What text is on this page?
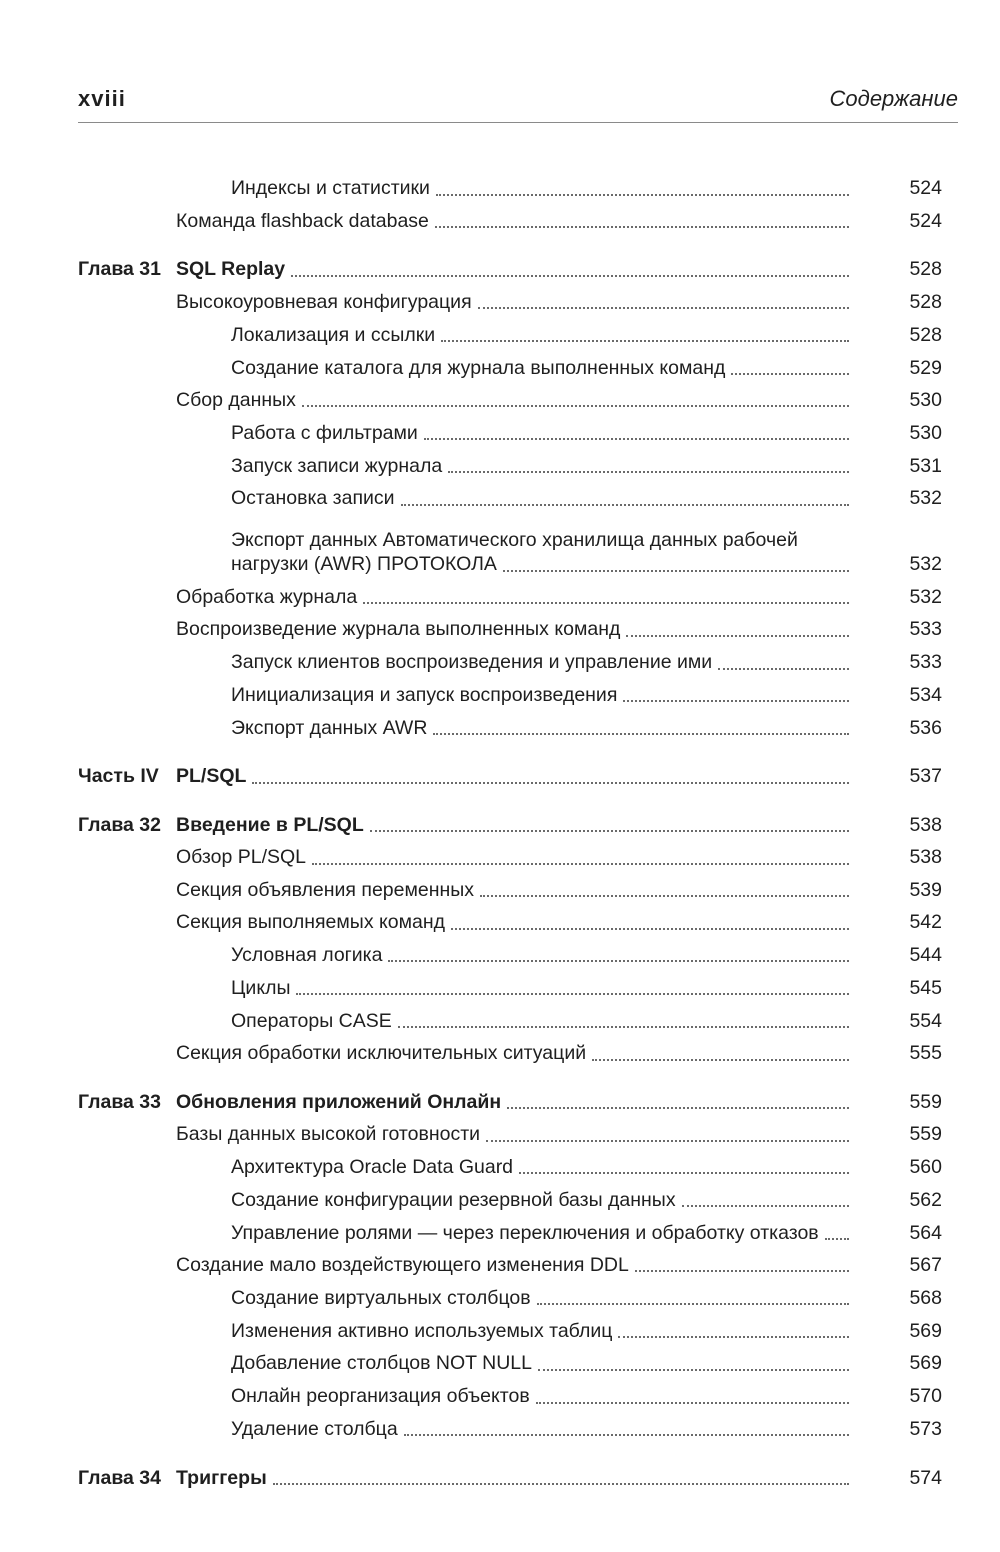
xviii	Содержание
Индексы и статистики	524
Команда flashback database	524
Глава 31 SQL Replay	528
Высокоуровневая конфигурация	528
Локализация и ссылки	528
Создание каталога для журнала выполненных команд	529
Сбор данных	530
Работа с фильтрами	530
Запуск записи журнала	531
Остановка записи	532
Экспорт данных Автоматического хранилища данных рабочей
нагрузки (AWR) ПРОТОКОЛА	532
Обработка журнала	532
Воспроизведение журнала выполненных команд	533
Запуск клиентов воспроизведения и управление ими	533
Инициализация и запуск воспроизведения	534
Экспорт данных AWR	536
Часть IV PL/SQL	537
Глава 32 Введение в PL/SQL	538
Обзор PL/SQL	538
Секция объявления переменных	539
Секция выполняемых команд	542
Условная логика	544
Циклы	545
Операторы CASE	554
Секция обработки исключительных ситуаций	555
Глава 33 Обновления приложений Онлайн	559
Базы данных высокой готовности	559
Архитектура Oracle Data Guard	560
Создание конфигурации резервной базы данных	562
Управление ролями — через переключения и обработку отказов	564
Создание мало воздействующего изменения DDL	567
Создание виртуальных столбцов	568
Изменения активно используемых таблиц	569
Добавление столбцов NOT NULL	569
Онлайн реорганизация объектов	570
Удаление столбца	573
Глава 34 Триггеры	574
